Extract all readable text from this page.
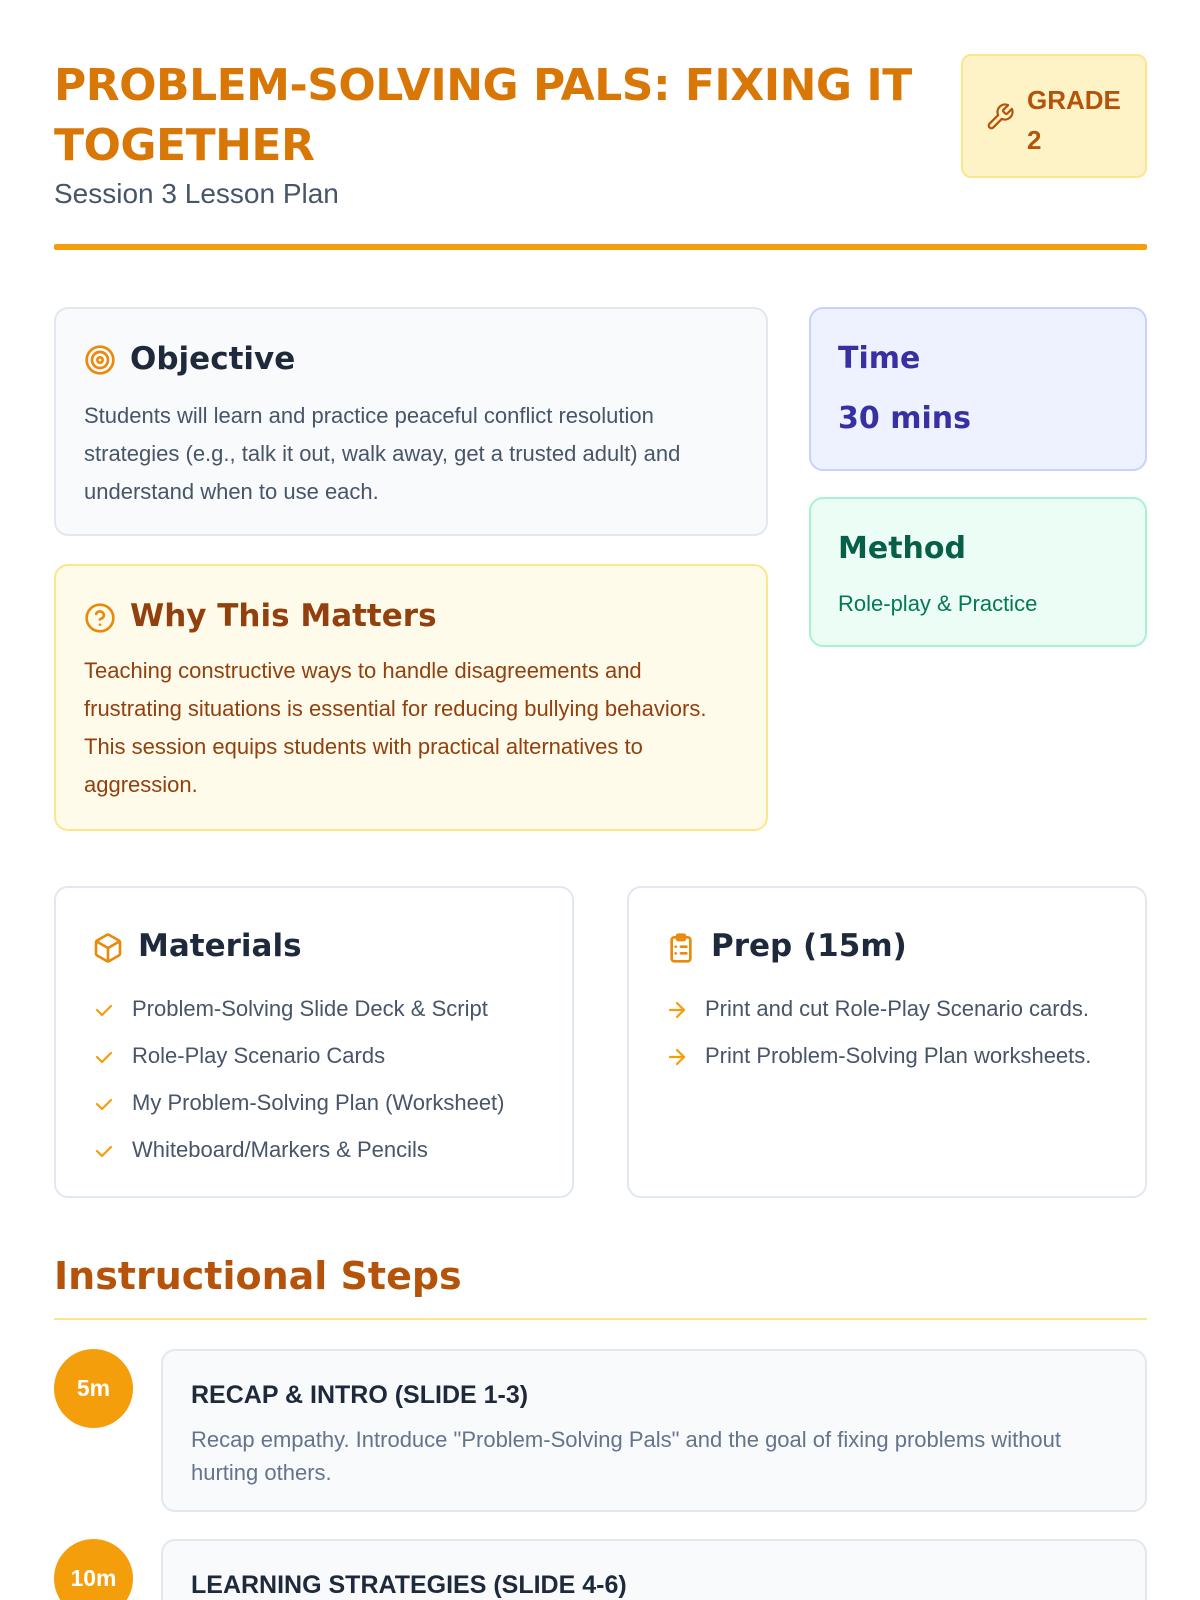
PROBLEM-SOLVING PALS: FIXING IT TOGETHER
Session 3 Lesson Plan
GRADE
2
Objective
Students will learn and practice peaceful conflict resolution strategies (e.g., talk it out, walk away, get a trusted adult) and understand when to use each.
Why This Matters
Teaching constructive ways to handle disagreements and frustrating situations is essential for reducing bullying behaviors. This session equips students with practical alternatives to aggression.
Time
30 mins
Method
Role-play & Practice
Materials
Problem-Solving Slide Deck & Script
Role-Play Scenario Cards
My Problem-Solving Plan (Worksheet)
Whiteboard/Markers & Pencils
Prep (15m)
Print and cut Role-Play Scenario cards.
Print Problem-Solving Plan worksheets.
Instructional Steps
5m	RECAP & INTRO (SLIDE 1-3)
Recap empathy. Introduce "Problem-Solving Pals" and the goal of fixing problems without hurting others.
10m	LEARNING STRATEGIES (SLIDE 4-6)
